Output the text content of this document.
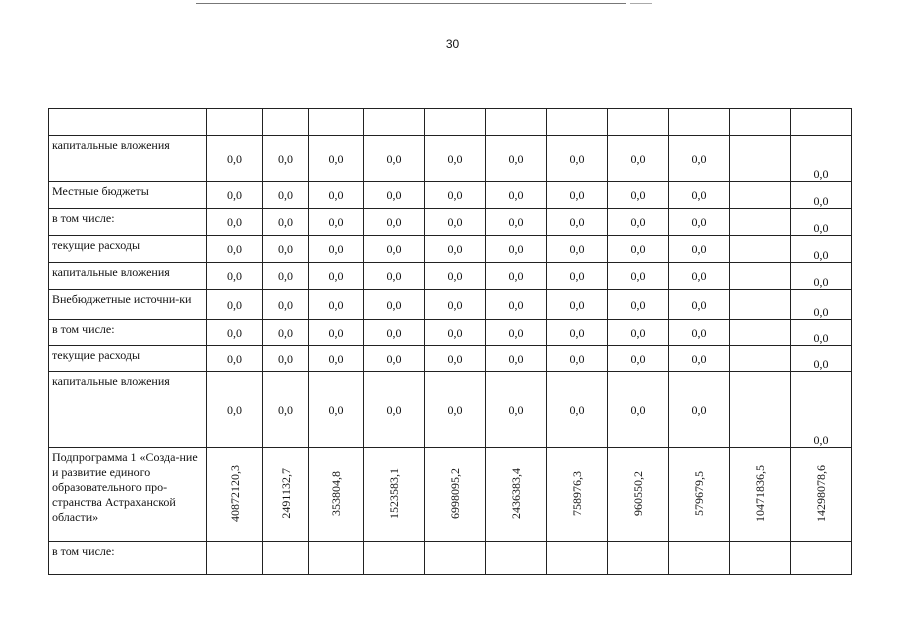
30

капитальные вложения	0,0	0,0	0,0	0,0	0,0	0,0	0,0	0,0	0,0		0,0
Местные бюджеты	0,0	0,0	0,0	0,0	0,0	0,0	0,0	0,0	0,0		0,0
в том числе:	0,0	0,0	0,0	0,0	0,0	0,0	0,0	0,0	0,0		0,0
текущие расходы	0,0	0,0	0,0	0,0	0,0	0,0	0,0	0,0	0,0		0,0
капитальные вложения	0,0	0,0	0,0	0,0	0,0	0,0	0,0	0,0	0,0		0,0
Внебюджетные источни-ки	0,0	0,0	0,0	0,0	0,0	0,0	0,0	0,0	0,0		0,0
в том числе:	0,0	0,0	0,0	0,0	0,0	0,0	0,0	0,0	0,0		0,0
текущие расходы	0,0	0,0	0,0	0,0	0,0	0,0	0,0	0,0	0,0		0,0
капитальные вложения	0,0	0,0	0,0	0,0	0,0	0,0	0,0	0,0	0,0		0,0
Подпрограмма 1 «Созда-ние и развитие единого образовательного про-странства Астраханской области»	40872120,3	2491132,7	353804,8	1523583,1	6998095,2	2436383,4	758976,3	960550,2	579679,5	10471836,5	14298078,6
в том числе:											
